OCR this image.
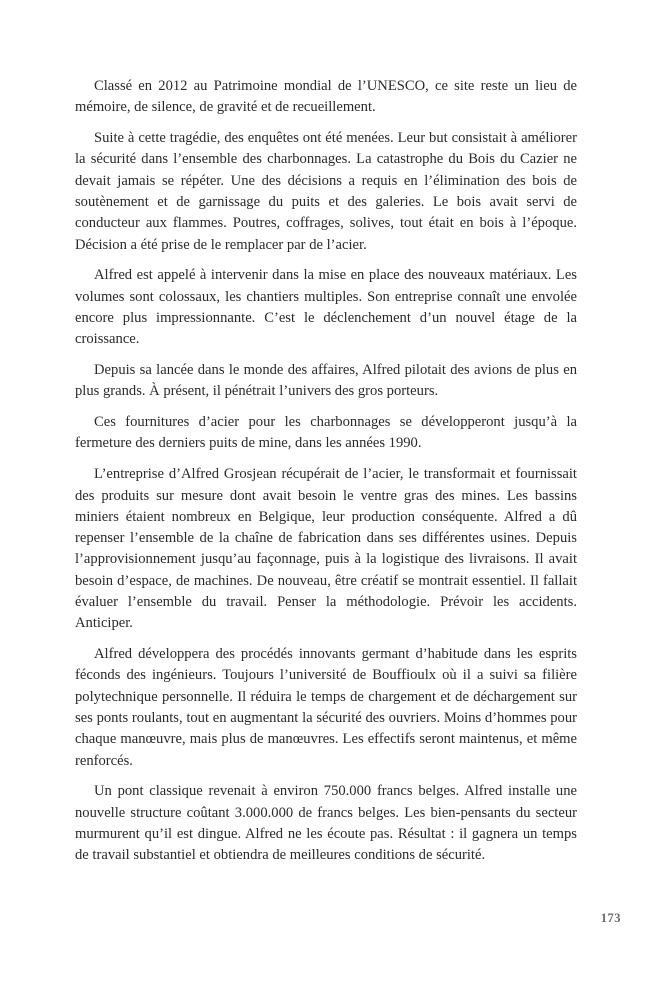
Classé en 2012 au Patrimoine mondial de l’UNESCO, ce site reste un lieu de mémoire, de silence, de gravité et de recueillement.

Suite à cette tragédie, des enquêtes ont été menées. Leur but consistait à améliorer la sécurité dans l’ensemble des charbonnages. La catastrophe du Bois du Cazier ne devait jamais se répéter. Une des décisions a requis en l’élimination des bois de soutènement et de garnissage du puits et des galeries. Le bois avait servi de conducteur aux flammes. Poutres, coffrages, solives, tout était en bois à l’époque. Décision a été prise de le remplacer par de l’acier.

Alfred est appelé à intervenir dans la mise en place des nouveaux matériaux. Les volumes sont colossaux, les chantiers multiples. Son entreprise connaît une envolée encore plus impressionnante. C’est le déclenchement d’un nouvel étage de la croissance.

Depuis sa lancée dans le monde des affaires, Alfred pilotait des avions de plus en plus grands. À présent, il pénétrait l’univers des gros porteurs.

Ces fournitures d’acier pour les charbonnages se développeront jusqu’à la fermeture des derniers puits de mine, dans les années 1990.

L’entreprise d’Alfred Grosjean récupérait de l’acier, le transformait et fournissait des produits sur mesure dont avait besoin le ventre gras des mines. Les bassins miniers étaient nombreux en Belgique, leur production conséquente. Alfred a dû repenser l’ensemble de la chaîne de fabrication dans ses différentes usines. Depuis l’approvisionnement jusqu’au façonnage, puis à la logistique des livraisons. Il avait besoin d’espace, de machines. De nouveau, être créatif se montrait essentiel. Il fallait évaluer l’ensemble du travail. Penser la méthodologie. Prévoir les accidents. Anticiper.

Alfred développera des procédés innovants germant d’habitude dans les esprits féconds des ingénieurs. Toujours l’université de Bouffioulx où il a suivi sa filière polytechnique personnelle. Il réduira le temps de chargement et de déchargement sur ses ponts roulants, tout en augmentant la sécurité des ouvriers. Moins d’hommes pour chaque manœuvre, mais plus de manœuvres. Les effectifs seront maintenus, et même renforcés.

Un pont classique revenait à environ 750.000 francs belges. Alfred installe une nouvelle structure coûtant 3.000.000 de francs belges. Les bien-pensants du secteur murmurent qu’il est dingue. Alfred ne les écoute pas. Résultat : il gagnera un temps de travail substantiel et obtiendra de meilleures conditions de sécurité.

173
